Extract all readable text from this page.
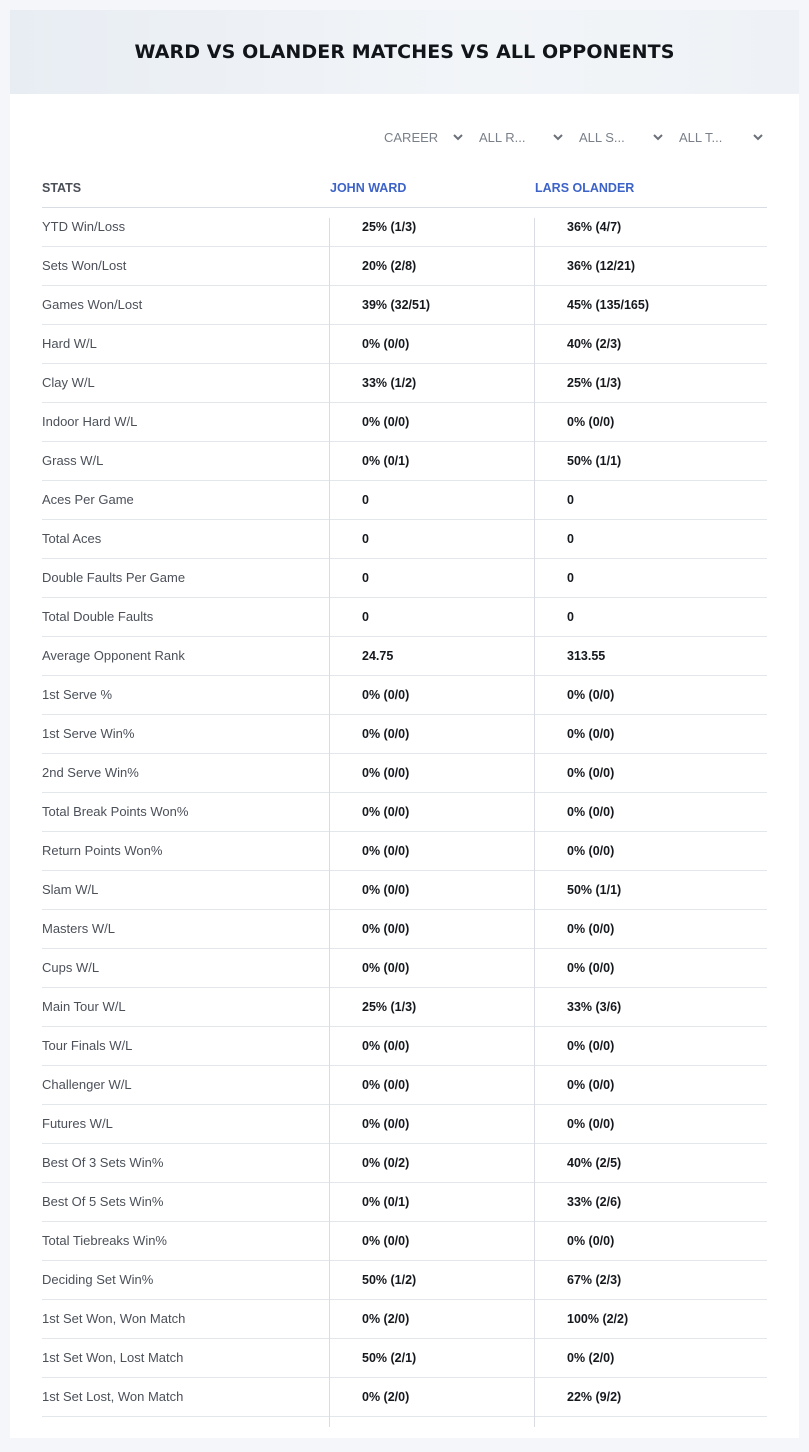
WARD VS OLANDER MATCHES VS ALL OPPONENTS
CAREER	ALL R...	ALL S...	ALL T...
STATS	JOHN WARD	LARS OLANDER
YTD Win/Loss	25% (1/3)	36% (4/7)
Sets Won/Lost	20% (2/8)	36% (12/21)
Games Won/Lost	39% (32/51)	45% (135/165)
Hard W/L	0% (0/0)	40% (2/3)
Clay W/L	33% (1/2)	25% (1/3)
Indoor Hard W/L	0% (0/0)	0% (0/0)
Grass W/L	0% (0/1)	50% (1/1)
Aces Per Game	0	0
Total Aces	0	0
Double Faults Per Game	0	0
Total Double Faults	0	0
Average Opponent Rank	24.75	313.55
1st Serve %	0% (0/0)	0% (0/0)
1st Serve Win%	0% (0/0)	0% (0/0)
2nd Serve Win%	0% (0/0)	0% (0/0)
Total Break Points Won%	0% (0/0)	0% (0/0)
Return Points Won%	0% (0/0)	0% (0/0)
Slam W/L	0% (0/0)	50% (1/1)
Masters W/L	0% (0/0)	0% (0/0)
Cups W/L	0% (0/0)	0% (0/0)
Main Tour W/L	25% (1/3)	33% (3/6)
Tour Finals W/L	0% (0/0)	0% (0/0)
Challenger W/L	0% (0/0)	0% (0/0)
Futures W/L	0% (0/0)	0% (0/0)
Best Of 3 Sets Win%	0% (0/2)	40% (2/5)
Best Of 5 Sets Win%	0% (0/1)	33% (2/6)
Total Tiebreaks Win%	0% (0/0)	0% (0/0)
Deciding Set Win%	50% (1/2)	67% (2/3)
1st Set Won, Won Match	0% (2/0)	100% (2/2)
1st Set Won, Lost Match	50% (2/1)	0% (2/0)
1st Set Lost, Won Match	0% (2/0)	22% (9/2)
